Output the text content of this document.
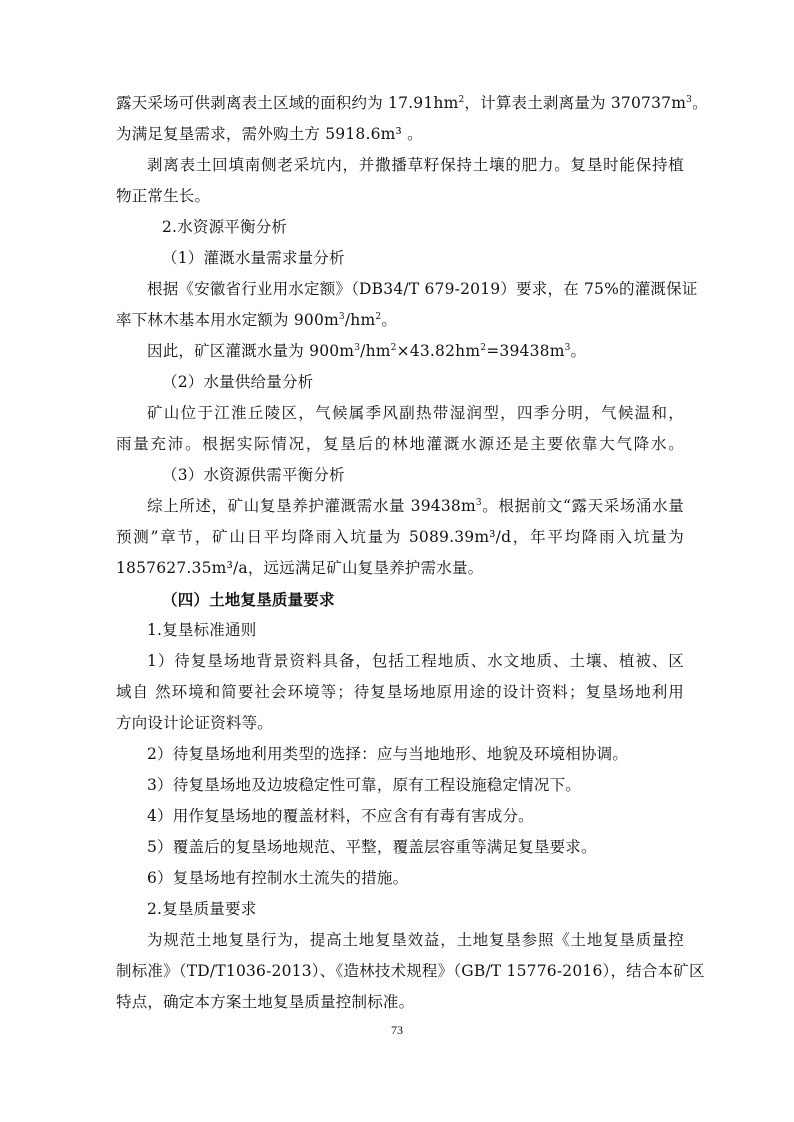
露天采场可供剥离表土区域的面积约为 $17.91hm^2$，计算表土剥离量为 $370737m^3$。
为满足复垦需求，需外购土方 5918.6m³ 。
剥离表土回填南侧老采坑内，并撒播草籽保持土壤的肥力。复垦时能保持植
物正常生长。
2.水资源平衡分析
（1）灌溉水量需求量分析
根据《安徽省行业用水定额》（DB34/T 679-2019）要求，在 75%的灌溉保证
率下林木基本用水定额为 $900m^3/hm^2$。
因此，矿区灌溉水量为 $900m^3/hm^2\times 43.82hm^2=39438m^3$。
（2）水量供给量分析
矿山位于江淮丘陵区，气候属季风副热带湿润型，四季分明，气候温和，
雨量充沛。根据实际情况，复垦后的林地灌溉水源还是主要依靠大气降水。
（3）水资源供需平衡分析
综上所述，矿山复垦养护灌溉需水量 $39438m^3$。根据前文“露天采场涌水量
预测”章节，矿山日平均降雨入坑量为 5089.39m³/d，年平均降雨入坑量为
1857627.35m³/a，远远满足矿山复垦养护需水量。
（四）土地复垦质量要求
1.复垦标准通则
1）待复垦场地背景资料具备，包括工程地质、水文地质、土壤、植被、区
域自 然环境和简要社会环境等；待复垦场地原用途的设计资料；复垦场地利用
方向设计论证资料等。
2）待复垦场地利用类型的选择：应与当地地形、地貌及环境相协调。
3）待复垦场地及边坡稳定性可靠，原有工程设施稳定情况下。
4）用作复垦场地的覆盖材料，不应含有有毒有害成分。
5）覆盖后的复垦场地规范、平整，覆盖层容重等满足复垦要求。
6）复垦场地有控制水土流失的措施。
2.复垦质量要求
为规范土地复垦行为，提高土地复垦效益，土地复垦参照《土地复垦质量控
制标准》（TD/T1036-2013）、《造林技术规程》（GB/T 15776-2016），结合本矿区
特点，确定本方案土地复垦质量控制标准。
73
